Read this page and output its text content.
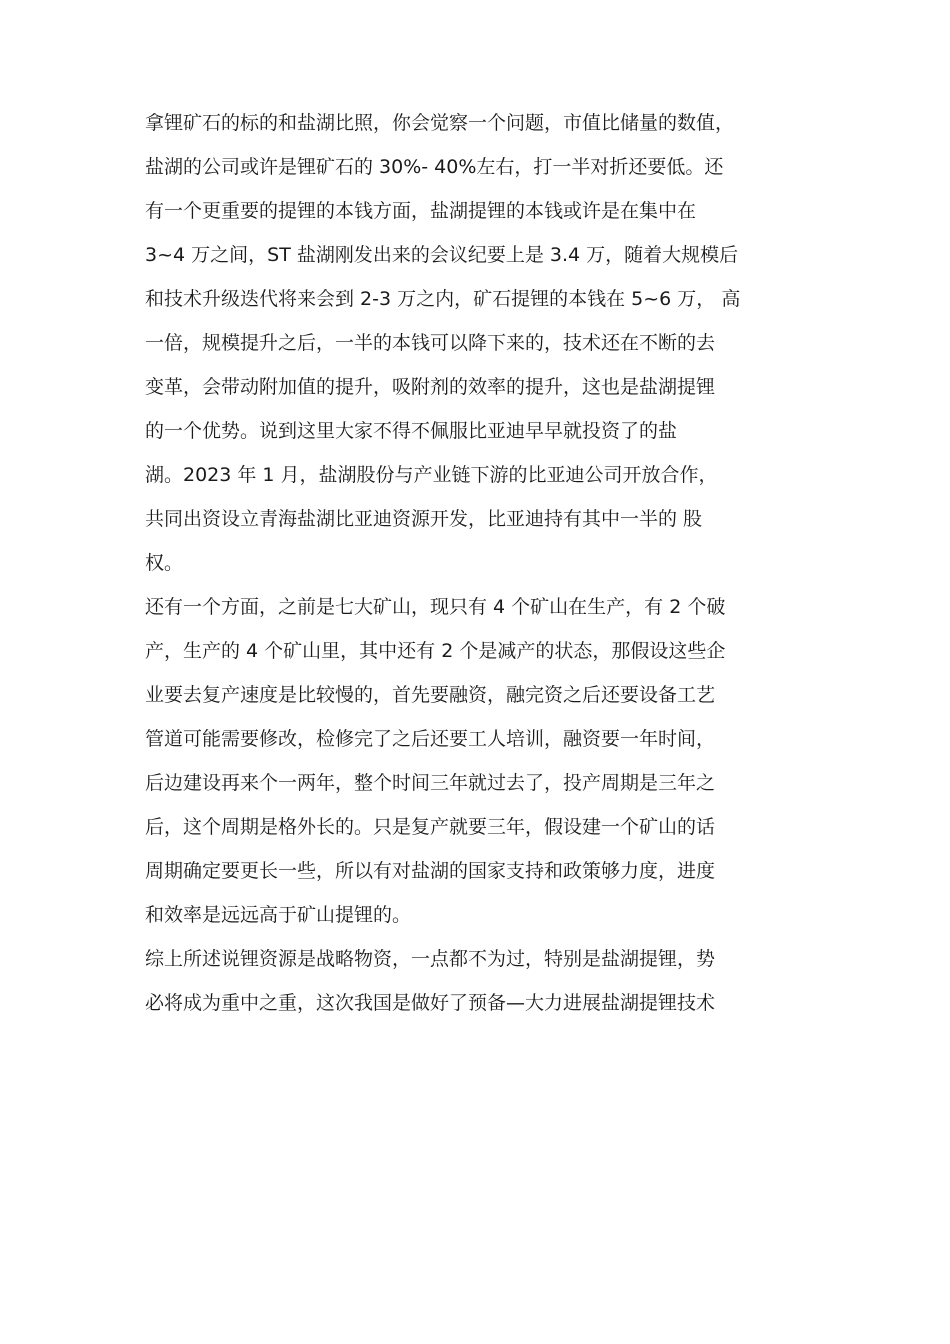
拿锂矿石的标的和盐湖比照，你会觉察一个问题，市值比储量的数值，
盐湖的公司或许是锂矿石的 30%- 40%左右，打一半对折还要低。还
有一个更重要的提锂的本钱方面，盐湖提锂的本钱或许是在集中在
3~4 万之间，ST 盐湖刚发出来的会议纪要上是 3.4 万，随着大规模后
和技术升级迭代将来会到 2-3 万之内，矿石提锂的本钱在 5~6 万， 高
一倍，规模提升之后，一半的本钱可以降下来的，技术还在不断的去
变革，会带动附加值的提升，吸附剂的效率的提升，这也是盐湖提锂
的一个优势。说到这里大家不得不佩服比亚迪早早就投资了的盐
湖。2023 年 1 月，盐湖股份与产业链下游的比亚迪公司开放合作，
共同出资设立青海盐湖比亚迪资源开发，比亚迪持有其中一半的 股
权。

还有一个方面，之前是七大矿山，现只有 4 个矿山在生产，有 2 个破
产，生产的 4 个矿山里，其中还有 2 个是减产的状态，那假设这些企
业要去复产速度是比较慢的，首先要融资，融完资之后还要设备工艺
管道可能需要修改，检修完了之后还要工人培训，融资要一年时间，
后边建设再来个一两年，整个时间三年就过去了，投产周期是三年之
后，这个周期是格外长的。只是复产就要三年，假设建一个矿山的话
周期确定要更长一些，所以有对盐湖的国家支持和政策够力度，进度
和效率是远远高于矿山提锂的。

综上所述说锂资源是战略物资，一点都不为过，特别是盐湖提锂，势
必将成为重中之重，这次我国是做好了预备—大力进展盐湖提锂技术
